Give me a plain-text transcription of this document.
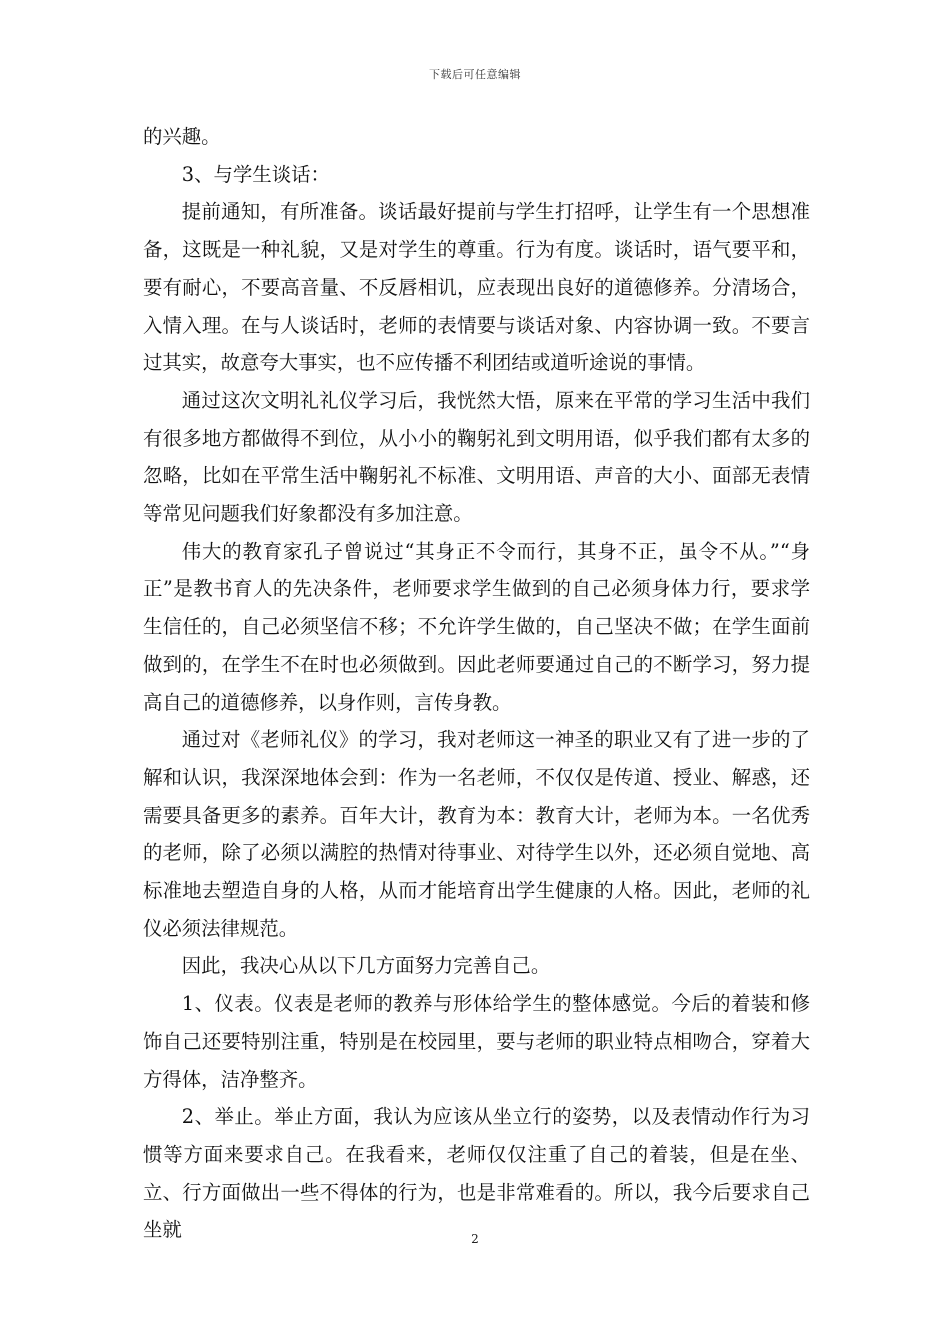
下载后可任意编辑

的兴趣。

3、与学生谈话：

提前通知，有所准备。谈话最好提前与学生打招呼，让学生有一个思想准备，这既是一种礼貌，又是对学生的尊重。行为有度。谈话时，语气要平和，要有耐心，不要高音量、不反唇相讥，应表现出良好的道德修养。分清场合，入情入理。在与人谈话时，老师的表情要与谈话对象、内容协调一致。不要言过其实，故意夸大事实，也不应传播不利团结或道听途说的事情。

通过这次文明礼礼仪学习后，我恍然大悟，原来在平常的学习生活中我们有很多地方都做得不到位，从小小的鞠躬礼到文明用语，似乎我们都有太多的忽略，比如在平常生活中鞠躬礼不标准、文明用语、声音的大小、面部无表情等常见问题我们好象都没有多加注意。

伟大的教育家孔子曾说过“其身正不令而行，其身不正，虽令不从。”“身正”是教书育人的先决条件，老师要求学生做到的自己必须身体力行，要求学生信任的，自己必须坚信不移；不允许学生做的，自己坚决不做；在学生面前做到的，在学生不在时也必须做到。因此老师要通过自己的不断学习，努力提高自己的道德修养，以身作则，言传身教。

通过对《老师礼仪》的学习，我对老师这一神圣的职业又有了进一步的了解和认识，我深深地体会到：作为一名老师，不仅仅是传道、授业、解惑，还需要具备更多的素养。百年大计，教育为本：教育大计，老师为本。一名优秀的老师，除了必须以满腔的热情对待事业、对待学生以外，还必须自觉地、高标准地去塑造自身的人格，从而才能培育出学生健康的人格。因此，老师的礼仪必须法律规范。

因此，我决心从以下几方面努力完善自己。

1、仪表。仪表是老师的教养与形体给学生的整体感觉。今后的着装和修饰自己还要特别注重，特别是在校园里，要与老师的职业特点相吻合，穿着大方得体，洁净整齐。

2、举止。举止方面，我认为应该从坐立行的姿势，以及表情动作行为习惯等方面来要求自己。在我看来，老师仅仅注重了自己的着装，但是在坐、立、行方面做出一些不得体的行为，也是非常难看的。所以，我今后要求自己坐就	2
